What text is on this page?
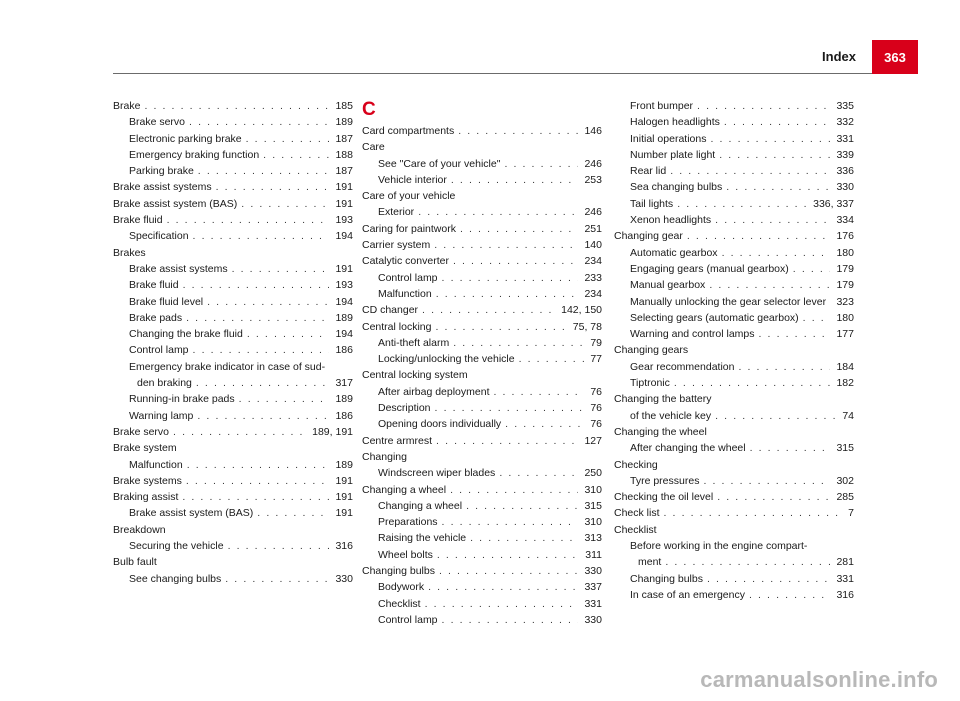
Index	363
Brake . . .	185
Brake servo . . .	189
Electronic parking brake . . .	187
Emergency braking function . . .	188
Parking brake . . .	187
Brake assist systems . . .	191
Brake assist system (BAS) . . .	191
Brake fluid . . .	193
Specification . . .	194
Brakes
Brake assist systems . . .	191
Brake fluid . . .	193
Brake fluid level . . .	194
Brake pads . . .	189
Changing the brake fluid . . .	194
Control lamp . . .	186
Emergency brake indicator in case of sud-
den braking . . .	317
Running-in brake pads . . .	189
Warning lamp . . .	186
Brake servo . . .	189, 191
Brake system
Malfunction . . .	189
Brake systems . . .	191
Braking assist . . .	191
Brake assist system (BAS) . . .	191
Breakdown
Securing the vehicle . . .	316
Bulb fault
See changing bulbs . . .	330
C
Card compartments . . .	146
Care
See "Care of your vehicle" . . .	246
Vehicle interior . . .	253
Care of your vehicle
Exterior . . .	246
Caring for paintwork . . .	251
Carrier system . . .	140
Catalytic converter . . .	234
Control lamp . . .	233
Malfunction . . .	234
CD changer . . .	142, 150
Central locking . . .	75, 78
Anti-theft alarm . . .	79
Locking/unlocking the vehicle . . .	77
Central locking system
After airbag deployment . . .	76
Description . . .	76
Opening doors individually . . .	76
Centre armrest . . .	127
Changing
Windscreen wiper blades . . .	250
Changing a wheel . . .	310
Changing a wheel . . .	315
Preparations . . .	310
Raising the vehicle . . .	313
Wheel bolts . . .	311
Changing bulbs . . .	330
Bodywork . . .	337
Checklist . . .	331
Control lamp . . .	330
Front bumper . . .	335
Halogen headlights . . .	332
Initial operations . . .	331
Number plate light . . .	339
Rear lid . . .	336
Sea changing bulbs . . .	330
Tail lights . . .	336, 337
Xenon headlights . . .	334
Changing gear . . .	176
Automatic gearbox . . .	180
Engaging gears (manual gearbox) . . .	179
Manual gearbox . . .	179
Manually unlocking the gear selector lever . . . 323
Selecting gears (automatic gearbox) . . .	180
Warning and control lamps . . .	177
Changing gears
Gear recommendation . . .	184
Tiptronic . . .	182
Changing the battery
of the vehicle key . . .	74
Changing the wheel
After changing the wheel . . .	315
Checking
Tyre pressures . . .	302
Checking the oil level . . .	285
Check list . . .	7
Checklist
Before working in the engine compart-
ment . . .	281
Changing bulbs . . .	331
In case of an emergency . . .	316
carmanualsonline.info
